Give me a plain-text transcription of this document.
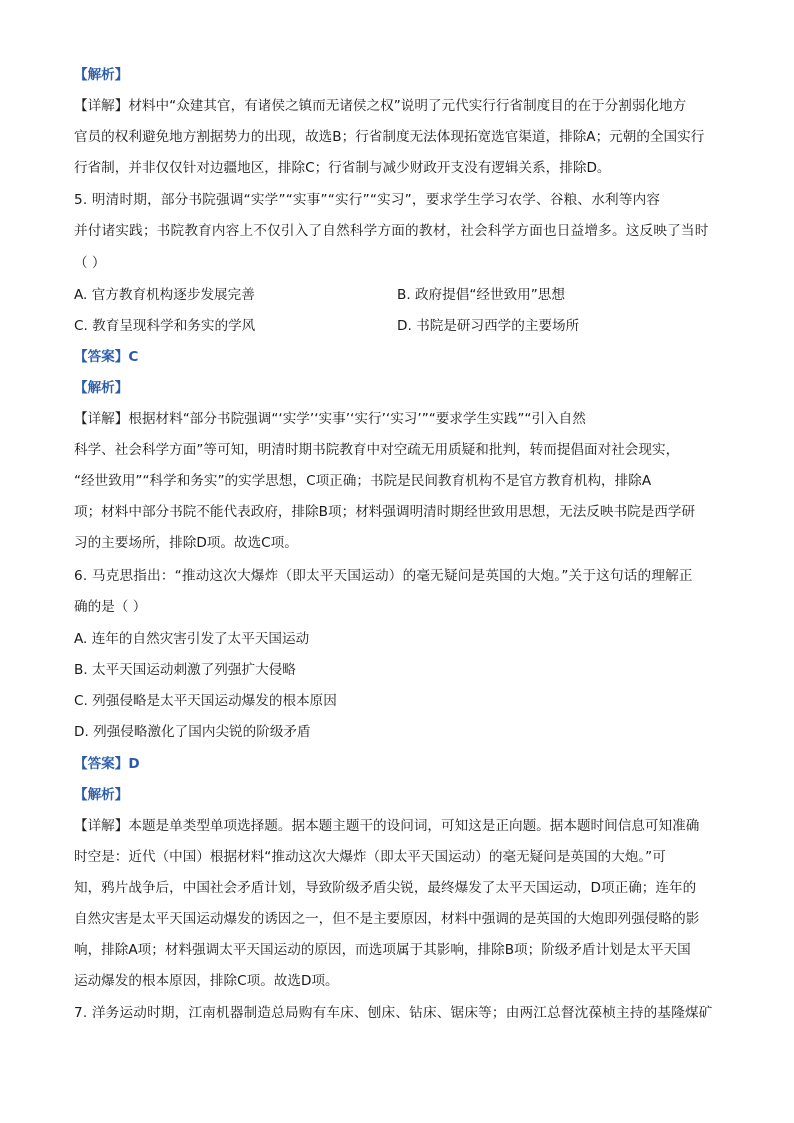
【解析】
【详解】材料中“众建其官，有诸侯之镇而无诸侯之权”说明了元代实行行省制度目的在于分割弱化地方
官员的权利避免地方割据势力的出现，故选B；行省制度无法体现拓宽选官渠道，排除A；元朝的全国实行
行省制，并非仅仅针对边疆地区，排除C；行省制与减少财政开支没有逻辑关系，排除D。
5. 明清时期，部分书院强调“实学”“实事”“实行”“实习”，要求学生学习农学、谷粮、水利等内容
并付诸实践；书院教育内容上不仅引入了自然科学方面的教材，社会科学方面也日益增多。这反映了当时
（ ）
A. 官方教育机构逐步发展完善	B. 政府提倡“经世致用”思想
C. 教育呈现科学和务实的学风	D. 书院是研习西学的主要场所
【答案】C
【解析】
【详解】根据材料“部分书院强调“‘实学’‘实事’‘实行’‘实习’”“要求学生实践”“引入自然
科学、社会科学方面”等可知，明清时期书院教育中对空疏无用质疑和批判，转而提倡面对社会现实，
“经世致用”“科学和务实”的实学思想，C项正确；书院是民间教育机构不是官方教育机构，排除A
项；材料中部分书院不能代表政府，排除B项；材料强调明清时期经世致用思想，无法反映书院是西学研
习的主要场所，排除D项。故选C项。
6. 马克思指出：“推动这次大爆炸（即太平天国运动）的毫无疑问是英国的大炮。”关于这句话的理解正
确的是（ ）
A. 连年的自然灾害引发了太平天国运动
B. 太平天国运动刺激了列强扩大侵略
C. 列强侵略是太平天国运动爆发的根本原因
D. 列强侵略激化了国内尖锐的阶级矛盾
【答案】D
【解析】
【详解】本题是单类型单项选择题。据本题主题干的设问词，可知这是正向题。据本题时间信息可知准确
时空是：近代（中国）根据材料“推动这次大爆炸（即太平天国运动）的毫无疑问是英国的大炮。”可
知，鸦片战争后，中国社会矛盾计划，导致阶级矛盾尖锐，最终爆发了太平天国运动，D项正确；连年的
自然灾害是太平天国运动爆发的诱因之一，但不是主要原因，材料中强调的是英国的大炮即列强侵略的影
响，排除A项；材料强调太平天国运动的原因，而选项属于其影响，排除B项；阶级矛盾计划是太平天国
运动爆发的根本原因，排除C项。故选D项。
7. 洋务运动时期，江南机器制造总局购有车床、刨床、钻床、锯床等；由两江总督沈葆桢主持的基隆煤矿
